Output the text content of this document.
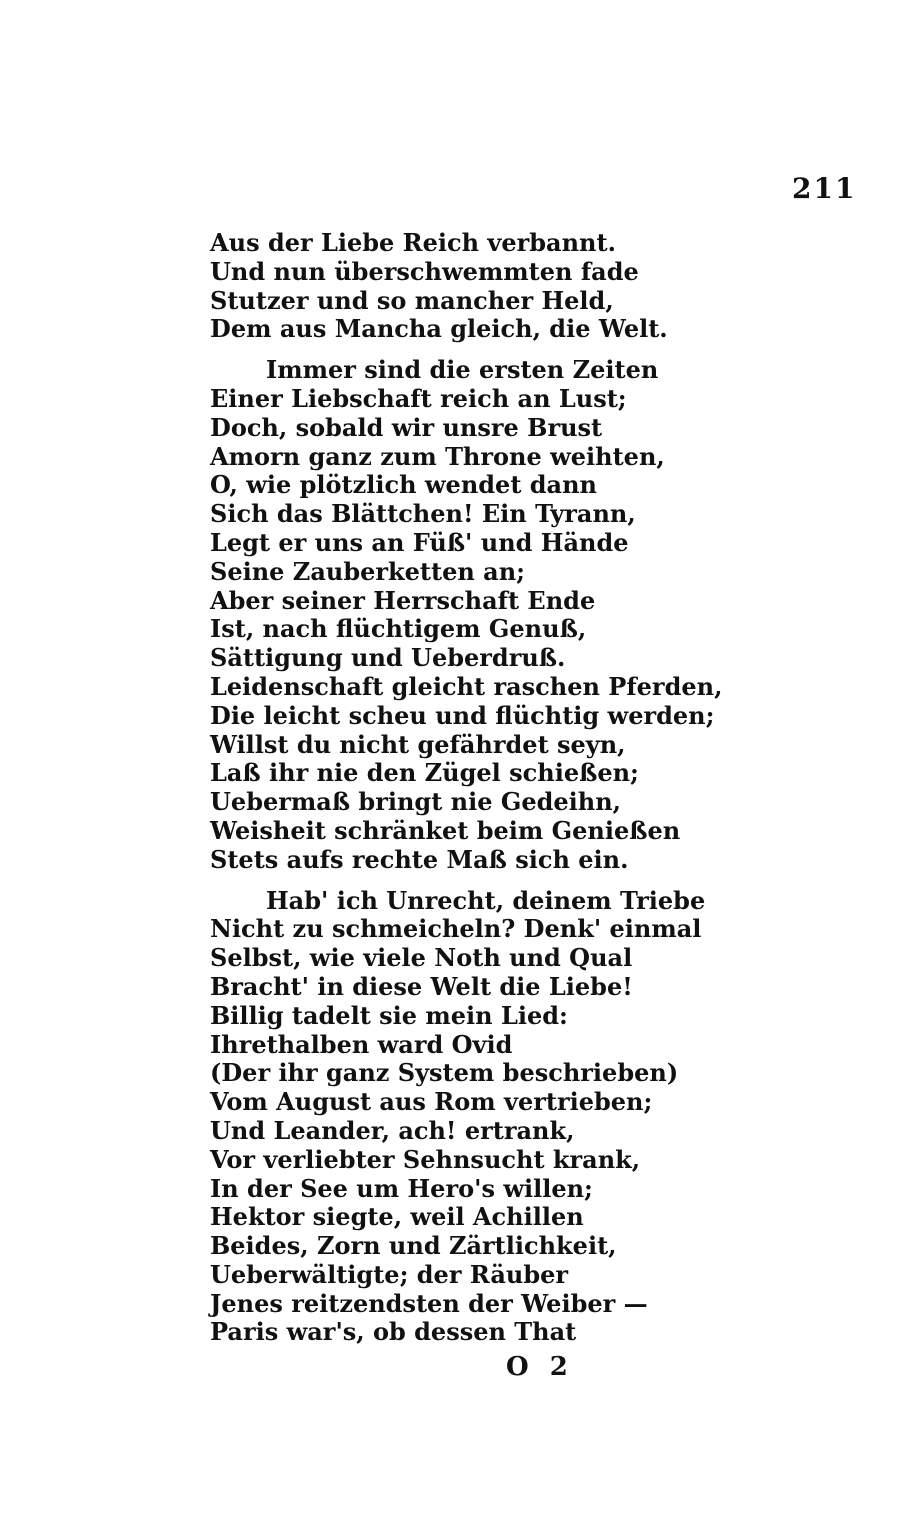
211
Aus der Liebe Reich verbannt.
Und nun überschwemmten fade
Stutzer und so mancher Held,
Dem aus Mancha gleich, die Welt.
Immer sind die ersten Zeiten
Einer Liebschaft reich an Lust;
Doch, sobald wir unsre Brust
Amorn ganz zum Throne weihten,
O, wie plötzlich wendet dann
Sich das Blättchen! Ein Tyrann,
Legt er uns an Füß' und Hände
Seine Zauberketten an;
Aber seiner Herrschaft Ende
Ist, nach flüchtigem Genuß,
Sättigung und Ueberdruß.
Leidenschaft gleicht raschen Pferden,
Die leicht scheu und flüchtig werden;
Willst du nicht gefährdet seyn,
Laß ihr nie den Zügel schießen;
Uebermaß bringt nie Gedeihn,
Weisheit schränket beim Genießen
Stets aufs rechte Maß sich ein.
Hab' ich Unrecht, deinem Triebe
Nicht zu schmeicheln? Denk' einmal
Selbst, wie viele Noth und Qual
Bracht' in diese Welt die Liebe!
Billig tadelt sie mein Lied:
Ihrethalben ward Ovid
(Der ihr ganz System beschrieben)
Vom August aus Rom vertrieben;
Und Leander, ach! ertrank,
Vor verliebter Sehnsucht krank,
In der See um Hero's willen;
Hektor siegte, weil Achillen
Beides, Zorn und Zärtlichkeit,
Ueberwältigte; der Räuber
Jenes reitzendsten der Weiber —
Paris war's, ob dessen That
O 2
